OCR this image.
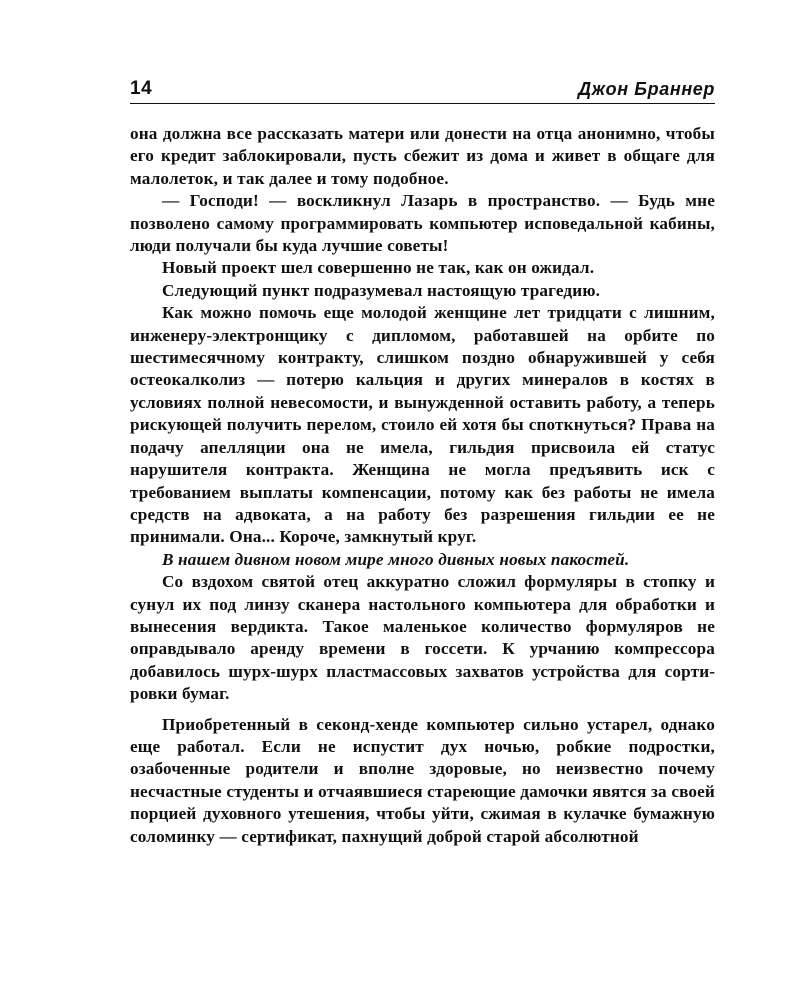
14	Джон Браннер

она должна все рассказать матери или донести на отца анонимно, чтобы его кредит заблокировали, пусть сбежит из дома и живет в общаге для малолеток, и так далее и тому подобное.

— Господи! — воскликнул Лазарь в пространство. — Будь мне позволено самому программировать компьютер исповедальной кабины, люди получали бы куда лучшие советы!

Новый проект шел совершенно не так, как он ожидал.

Следующий пункт подразумевал настоящую трагедию.

Как можно помочь еще молодой женщине лет тридцати с лишним, инженеру-электронщику с дипломом, работавшей на орбите по шестимесячному контракту, слишком поздно обнаружившей у себя остеокалколиз — потерю кальция и других минералов в костях в условиях полной невесомости, и вынужденной оставить работу, а теперь рискующей получить перелом, стоило ей хотя бы споткнуться? Права на подачу апелляции она не имела, гильдия присвоила ей статус нарушителя контракта. Женщина не могла предъявить иск с требованием выплаты компенсации, потому как без работы не имела средств на адвоката, а на работу без разрешения гильдии ее не принимали. Она... Короче, замкнутый круг.

В нашем дивном новом мире много дивных новых пакостей.

Со вздохом святой отец аккуратно сложил формуляры в стопку и сунул их под линзу сканера настольного компьютера для обработки и вынесения вердикта. Такое маленькое количество формуляров не оправдывало аренду времени в госсети. К урчанию компрессора добавилось шурх-шурх пластмассовых захватов устройства для сортировки бумаг.

Приобретенный в секонд-хенде компьютер сильно устарел, однако еще работал. Если не испустит дух ночью, робкие подростки, озабоченные родители и вполне здоровые, но неизвестно почему несчастные студенты и отчаявшиеся стареющие дамочки явятся за своей порцией духовного утешения, чтобы уйти, сжимая в кулачке бумажную соломинку — сертификат, пахнущий доброй старой абсолютной
